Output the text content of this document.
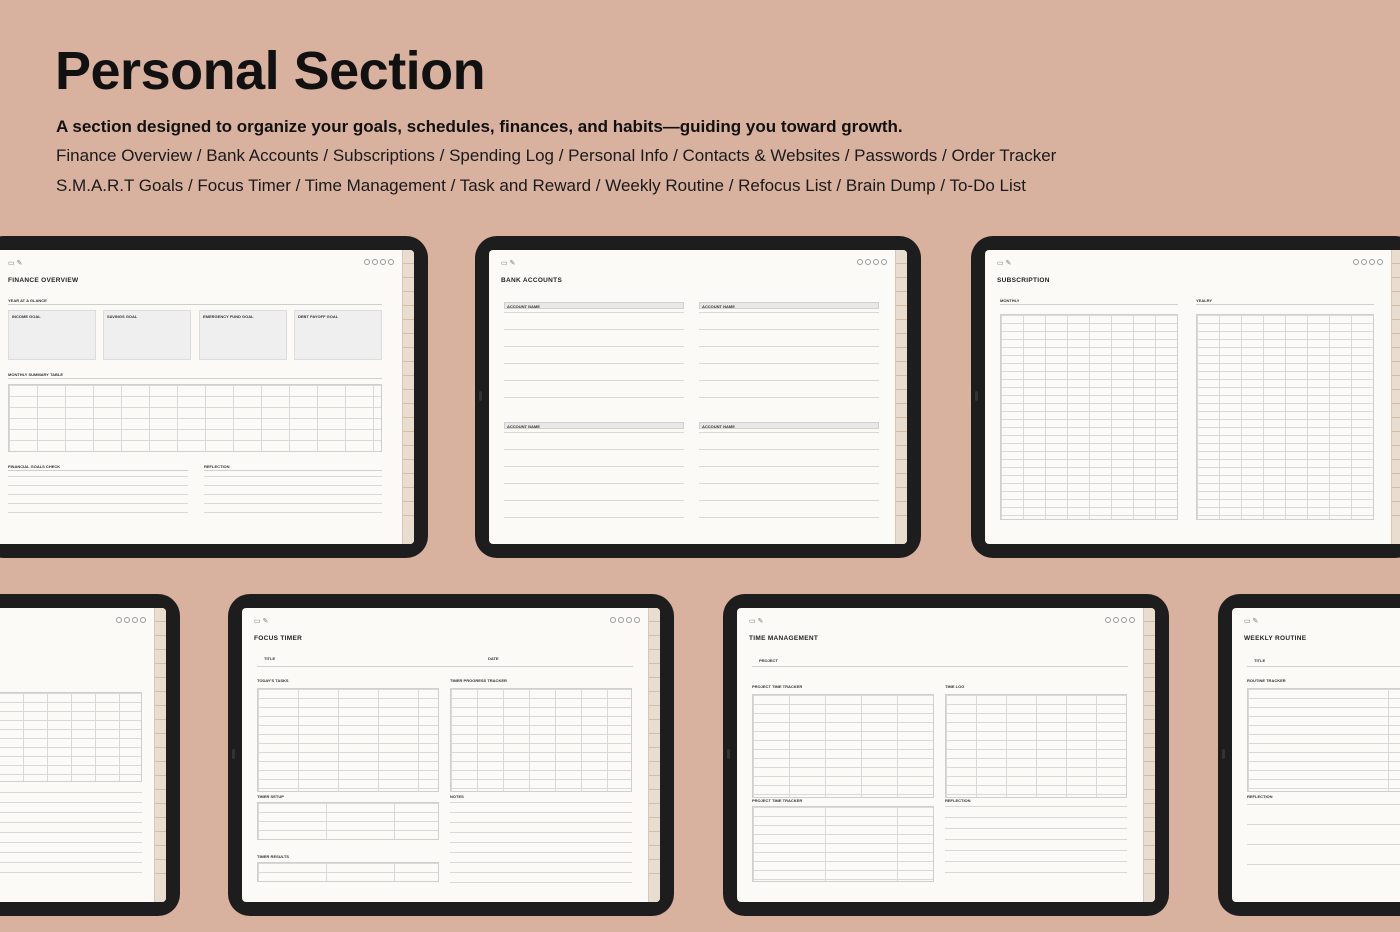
Personal Section
A section designed to organize your goals, schedules, finances, and habits—guiding you toward growth.
Finance Overview / Bank Accounts / Subscriptions / Spending Log / Personal Info / Contacts & Websites / Passwords / Order Tracker
S.M.A.R.T Goals / Focus Timer / Time Management / Task and Reward / Weekly Routine / Refocus List / Brain Dump / To-Do List
▭ ✎
FINANCE OVERVIEW
YEAR AT A GLANCE
INCOME GOAL	SAVINGS GOAL	EMERGENCY FUND GOAL	DEBT PAYOFF GOAL
MONTHLY SUMMARY TABLE
FINANCIAL GOALS CHECK	REFLECTION
▭ ✎
BANK ACCOUNTS
ACCOUNT NAME	ACCOUNT NAME
ACCOUNT NAME	ACCOUNT NAME
▭ ✎
SUBSCRIPTION
MONTHLY	YEALRY
▭ ✎
FOCUS TIMER
TITLE	DATE
TODAY'S TASKS	TIMER PROGRESS TRACKER
TIMER SETUP	NOTES
TIMER RESULTS
▭ ✎
TIME MANAGEMENT
PROJECT
PROJECT TIME TRACKER	TIME LOG
PROJECT TIME TRACKER	REFLECTION
▭ ✎
WEEKLY ROUTINE
TITLE
ROUTINE TRACKER
REFLECTION
